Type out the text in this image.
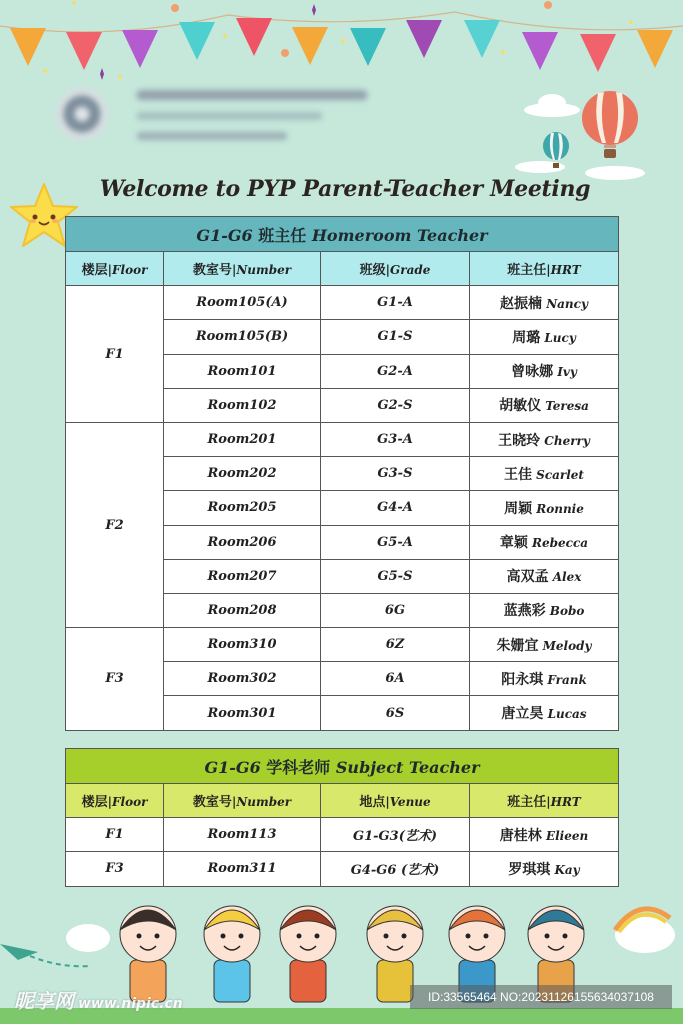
Welcome to PYP Parent-Teacher Meeting
G1-G6 班主任 Homeroom Teacher			
楼层|Floor	教室号|Number	班级|Grade	班主任|HRT
F1	Room105(A)	G1-A	赵振楠 Nancy
	Room105(B)	G1-S	周璐 Lucy
	Room101	G2-A	曾咏娜 Ivy
	Room102	G2-S	胡敏仪 Teresa
F2	Room201	G3-A	王晓玲 Cherry
	Room202	G3-S	王佳 Scarlet
	Room205	G4-A	周颖 Ronnie
	Room206	G5-A	章颖 Rebecca
	Room207	G5-S	高双孟 Alex
	Room208	6G	蓝燕彩 Bobo
F3	Room310	6Z	朱姗宜 Melody
	Room302	6A	阳永琪 Frank
	Room301	6S	唐立昊 Lucas
G1-G6 学科老师 Subject Teacher			
楼层|Floor	教室号|Number	地点|Venue	班主任|HRT
F1	Room113	G1-G3(艺术)	唐桂林 Elieen
F3	Room311	G4-G6 (艺术)	罗琪琪 Kay
昵享网 www.nipic.cn	ID:33565464 NO:20231126155634037108
